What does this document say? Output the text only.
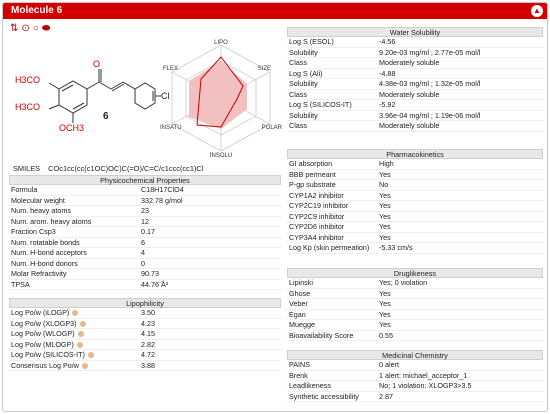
Molecule 6	▲
⇅ ⊙ ○ ⬬
O
Cl
H3CO
H3CO
OCH3
6
LIPO
SIZE
POLAR
INSOLU
INSATU
FLEX
SMILES COc1cc(cc(c1OC)OC)C(=O)/C=C/c1ccc(cc1)Cl
Physicochemical Properties
Formula	C18H17ClO4
Molecular weight	332.78 g/mol
Num. heavy atoms	23
Num. arom. heavy atoms	12
Fraction Csp3	0.17
Num. rotatable bonds	6
Num. H-bond acceptors	4
Num. H-bond donors	0
Molar Refractivity	90.73
TPSA	44.76 Å²
Lipophilicity
Log Po/w (iLOGP)	3.50
Log Po/w (XLOGP3)	4.23
Log Po/w (WLOGP)	4.15
Log Po/w (MLOGP)	2.82
Log Po/w (SILICOS-IT)	4.72
Consensus Log Po/w	3.88
Water Solubility
Log S (ESOL)	-4.56
Solubility	9.20e-03 mg/ml ; 2.77e-05 mol/l
Class	Moderately soluble
Log S (Ali)	-4.88
Solubility	4.38e-03 mg/ml ; 1.32e-05 mol/l
Class	Moderately soluble
Log S (SILICOS-IT)	-5.92
Solubility	3.96e-04 mg/ml ; 1.19e-06 mol/l
Class	Moderately soluble
Pharmacokinetics
GI absorption	High
BBB permeant	Yes
P-gp substrate	No
CYP1A2 inhibitor	Yes
CYP2C19 inhibitor	Yes
CYP2C9 inhibitor	Yes
CYP2D6 inhibitor	Yes
CYP3A4 inhibitor	Yes
Log Kp (skin permeation) -5.33 cm/s
Druglikeness
Lipinski	Yes; 0 violation
Ghose	Yes
Veber	Yes
Egan	Yes
Muegge	Yes
Bioavailability Score	0.55
Medicinal Chemistry
PAINS	0 alert
Brenk	1 alert: michael_acceptor_1
Leadlikeness	No; 1 violation: XLOGP3>3.5
Synthetic accessibility	2.87
